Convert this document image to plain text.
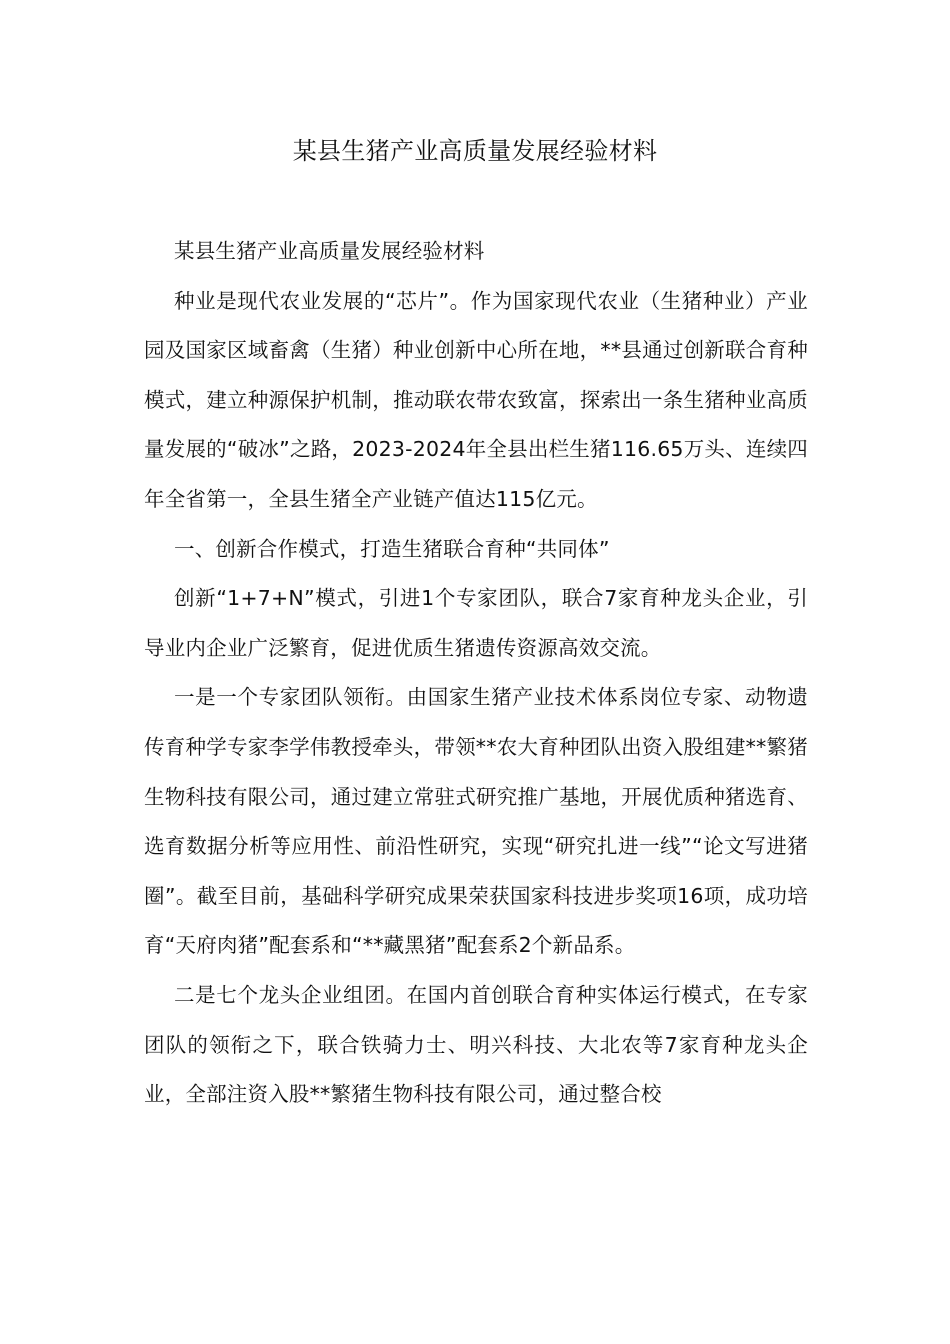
某县生猪产业高质量发展经验材料

某县生猪产业高质量发展经验材料

种业是现代农业发展的“芯片”。作为国家现代农业（生猪种业）产业园及国家区域畜禽（生猪）种业创新中心所在地，**县通过创新联合育种模式，建立种源保护机制，推动联农带农致富，探索出一条生猪种业高质量发展的“破冰”之路，2023-2024年全县出栏生猪116.65万头、连续四年全省第一，全县生猪全产业链产值达115亿元。

一、创新合作模式，打造生猪联合育种“共同体”

创新“1+7+N”模式，引进1个专家团队，联合7家育种龙头企业，引导业内企业广泛繁育，促进优质生猪遗传资源高效交流。

一是一个专家团队领衔。由国家生猪产业技术体系岗位专家、动物遗传育种学专家李学伟教授牵头，带领**农大育种团队出资入股组建**繁猪生物科技有限公司，通过建立常驻式研究推广基地，开展优质种猪选育、选育数据分析等应用性、前沿性研究，实现“研究扎进一线”“论文写进猪圈”。截至目前，基础科学研究成果荣获国家科技进步奖项16项，成功培育“天府肉猪”配套系和“**藏黑猪”配套系2个新品系。

二是七个龙头企业组团。在国内首创联合育种实体运行模式，在专家团队的领衔之下，联合铁骑力士、明兴科技、大北农等7家育种龙头企业，全部注资入股**繁猪生物科技有限公司，通过整合校
